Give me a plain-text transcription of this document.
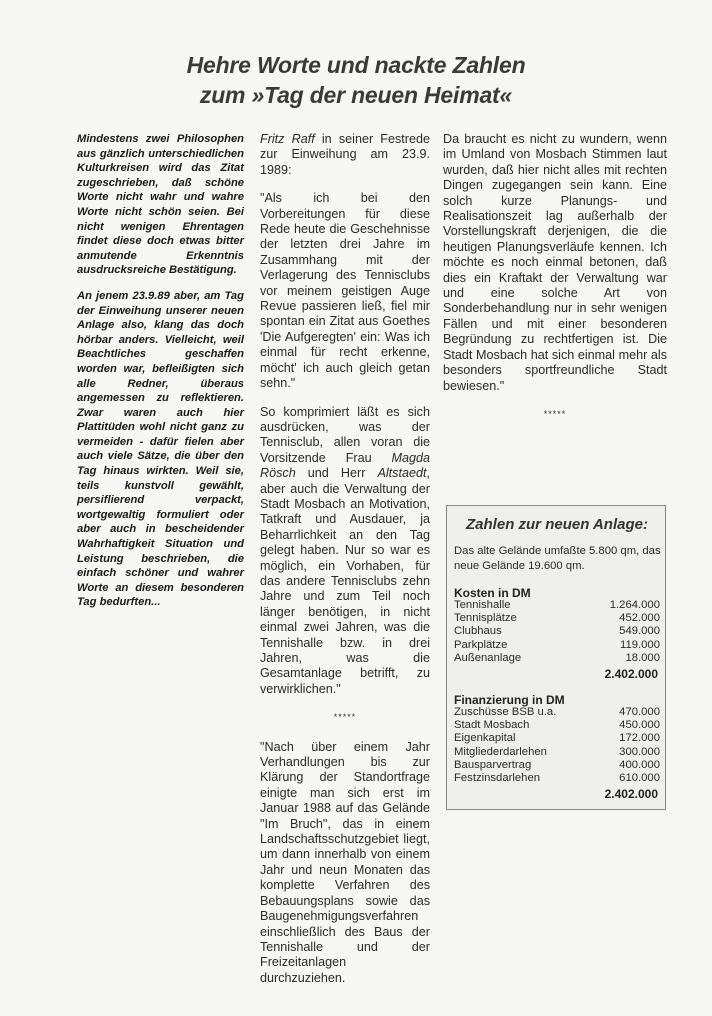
Hehre Worte und nackte Zahlen
zum »Tag der neuen Heimat«

Mindestens zwei Philosophen aus gänzlich unterschiedlichen Kulturkreisen wird das Zitat zugeschrieben, daß schöne Worte nicht wahr und wahre Worte nicht schön seien. Bei nicht wenigen Ehrentagen findet diese doch etwas bitter anmutende Erkenntnis ausdrucksreiche Bestätigung.

An jenem 23.9.89 aber, am Tag der Einweihung unserer neuen Anlage also, klang das doch hörbar anders. Vielleicht, weil Beachtliches geschaffen worden war, befleißigten sich alle Redner, überaus angemessen zu reflektieren. Zwar waren auch hier Plattitüden wohl nicht ganz zu vermeiden - dafür fielen aber auch viele Sätze, die über den Tag hinaus wirkten. Weil sie, teils kunstvoll gewählt, persiflierend verpackt, wortgewaltig formuliert oder aber auch in bescheidender Wahrhaftigkeit Situation und Leistung beschrieben, die einfach schöner und wahrer Worte an diesem besonderen Tag bedurften...

Fritz Raff in seiner Festrede zur Einweihung am 23.9. 1989:

"Als ich bei den Vorbereitungen für diese Rede heute die Geschehnisse der letzten drei Jahre im Zusammhang mit der Verlagerung des Tennisclubs vor meinem geistigen Auge Revue passieren ließ, fiel mir spontan ein Zitat aus Goethes 'Die Aufgeregten' ein: Was ich einmal für recht erkenne, möcht' ich auch gleich getan sehn."

So komprimiert läßt es sich ausdrücken, was der Tennisclub, allen voran die Vorsitzende Frau Magda Rösch und Herr Altstaedt, aber auch die Verwaltung der Stadt Mosbach an Motivation, Tatkraft und Ausdauer, ja Beharrlichkeit an den Tag gelegt haben. Nur so war es möglich, ein Vorhaben, für das andere Tennisclubs zehn Jahre und zum Teil noch länger benötigen, in nicht einmal zwei Jahren, was die Tennishalle bzw. in drei Jahren, was die Gesamtanlage betrifft, zu verwirklichen."

*****

"Nach über einem Jahr Verhandlungen bis zur Klärung der Standortfrage einigte man sich erst im Januar 1988 auf das Gelände "Im Bruch", das in einem Landschaftsschutzgebiet liegt, um dann innerhalb von einem Jahr und neun Monaten das komplette Verfahren des Bebauungsplans sowie das Baugenehmigungsverfahren einschließlich des Baus der Tennishalle und der Freizeitanlagen durchzuziehen.

Da braucht es nicht zu wundern, wenn im Umland von Mosbach Stimmen laut wurden, daß hier nicht alles mit rechten Dingen zugegangen sein kann. Eine solch kurze Planungs- und Realisationszeit lag außerhalb der Vorstellungskraft derjenigen, die die heutigen Planungsverläufe kennen. Ich möchte es noch einmal betonen, daß dies ein Kraftakt der Verwaltung war und eine solche Art von Sonderbehandlung nur in sehr wenigen Fällen und mit einer besonderen Begründung zu rechtfertigen ist. Die Stadt Mosbach hat sich einmal mehr als besonders sportfreundliche Stadt bewiesen."

*****
Zahlen zur neuen Anlage:
Das alte Gelände umfaßte 5.800 qm, das neue Gelände 19.600 qm.
Kosten in DM
Tennishalle	1.264.000
Tennisplätze	452.000
Clubhaus	549.000
Parkplätze	119.000
Außenanlage	18.000
2.402.000
Finanzierung in DM
Zuschüsse BSB u.a.	470.000
Stadt Mosbach	450.000
Eigenkapital	172.000
Mitgliederdarlehen	300.000
Bausparvertrag	400.000
Festzinsdarlehen	610.000
2.402.000
